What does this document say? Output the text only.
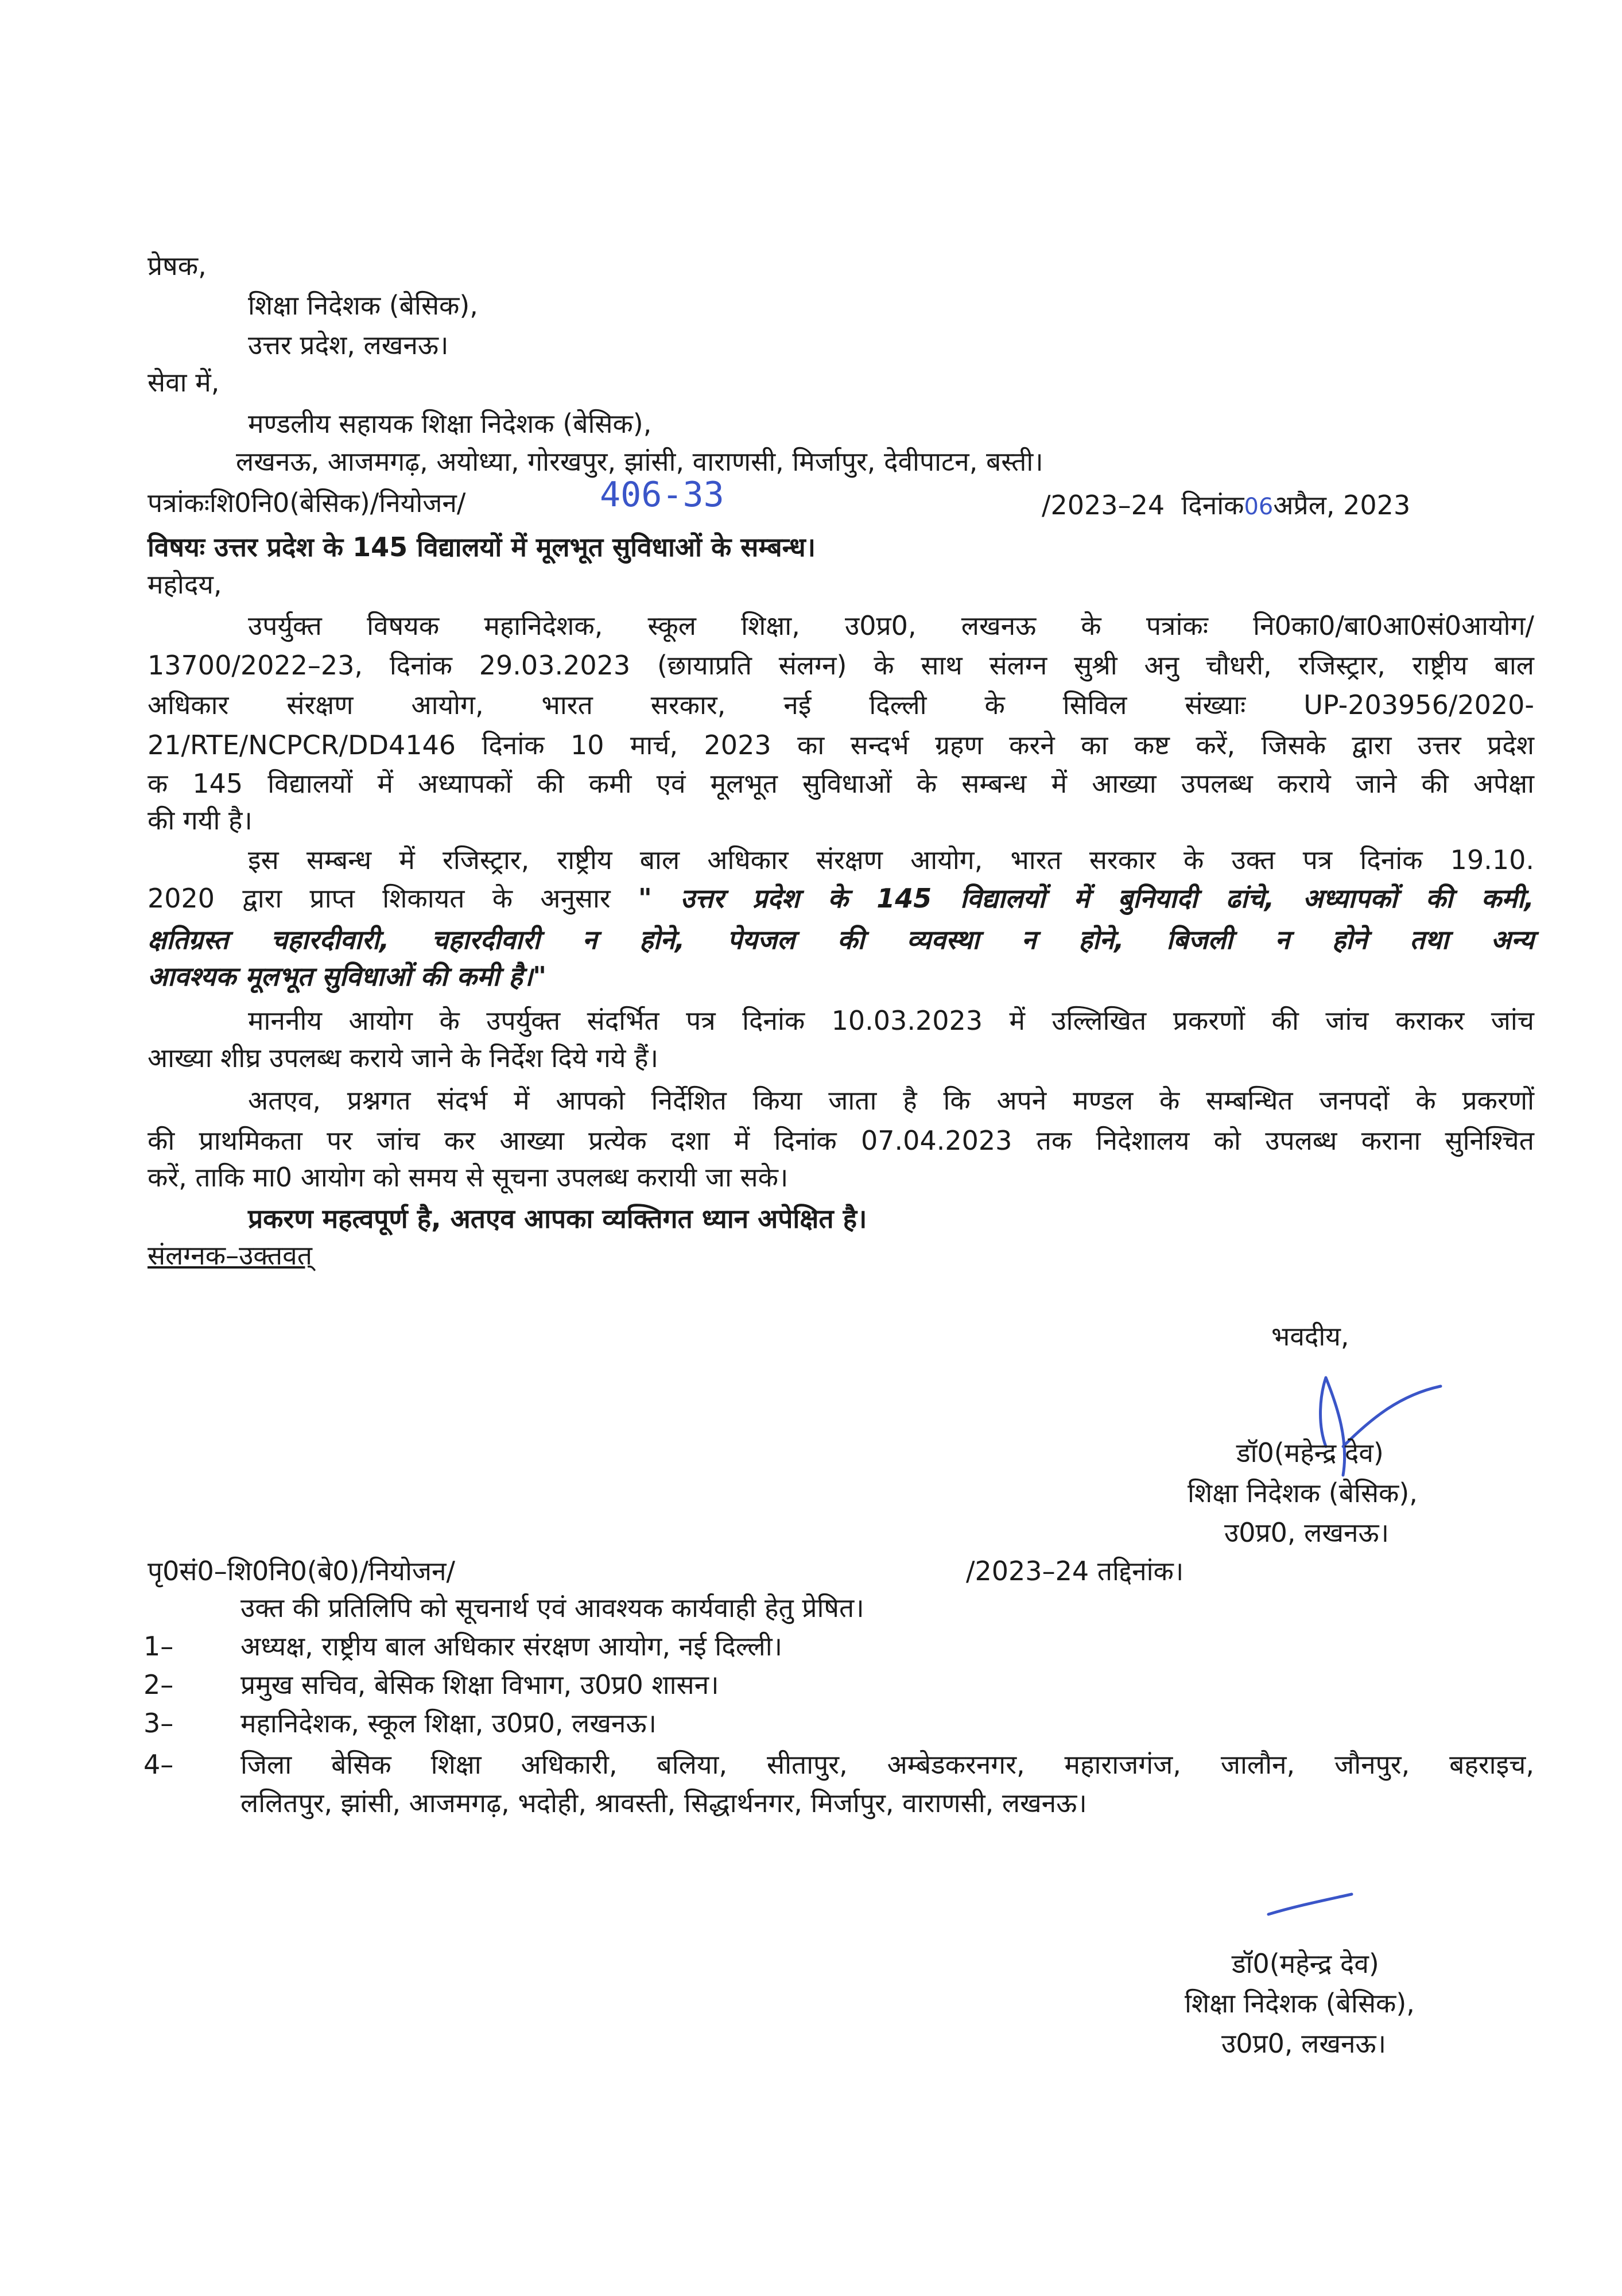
प्रेषक,
शिक्षा निदेशक (बेसिक),
उत्तर प्रदेश, लखनऊ।
सेवा में,
मण्डलीय सहायक शिक्षा निदेशक (बेसिक),
लखनऊ, आजमगढ़, अयोध्या, गोरखपुर, झांसी, वाराणसी, मिर्जापुर, देवीपाटन, बस्ती।
पत्रांकःशि0नि0(बेसिक)/नियोजन/	406-33	/2023–24 दिनांक06अप्रैल, 2023
विषयः उत्तर प्रदेश के 145 विद्यालयों में मूलभूत सुविधाओं के सम्बन्ध।
महोदय,
उपर्युक्त विषयक महानिदेशक, स्कूल शिक्षा, उ0प्र0, लखनऊ के पत्रांकः नि0का0/बा0आ0सं0आयोग/
13700/2022–23, दिनांक 29.03.2023 (छायाप्रति संलग्न) के साथ संलग्न सुश्री अनु चौधरी, रजिस्ट्रार, राष्ट्रीय बाल
अधिकार संरक्षण आयोग, भारत सरकार, नई दिल्ली के सिविल संख्याः UP-203956/2020-
21/RTE/NCPCR/DD4146 दिनांक 10 मार्च, 2023 का सन्दर्भ ग्रहण करने का कष्ट करें, जिसके द्वारा उत्तर प्रदेश
क 145 विद्यालयों में अध्यापकों की कमी एवं मूलभूत सुविधाओं के सम्बन्ध में आख्या उपलब्ध कराये जाने की अपेक्षा
की गयी है।
इस सम्बन्ध में रजिस्ट्रार, राष्ट्रीय बाल अधिकार संरक्षण आयोग, भारत सरकार के उक्त पत्र दिनांक 19.10.
2020 द्वारा प्राप्त शिकायत के अनुसार " उत्तर प्रदेश के 145 विद्यालयों में बुनियादी ढांचे, अध्यापकों की कमी,
क्षतिग्रस्त चहारदीवारी, चहारदीवारी न होने, पेयजल की व्यवस्था न होने, बिजली न होने तथा अन्य
आवश्यक मूलभूत सुविधाओं की कमी है।"
माननीय आयोग के उपर्युक्त संदर्भित पत्र दिनांक 10.03.2023 में उल्लिखित प्रकरणों की जांच कराकर जांच
आख्या शीघ्र उपलब्ध कराये जाने के निर्देश दिये गये हैं।
अतएव, प्रश्नगत संदर्भ में आपको निर्देशित किया जाता है कि अपने मण्डल के सम्बन्धित जनपदों के प्रकरणों
की प्राथमिकता पर जांच कर आख्या प्रत्येक दशा में दिनांक 07.04.2023 तक निदेशालय को उपलब्ध कराना सुनिश्चित
करें, ताकि मा0 आयोग को समय से सूचना उपलब्ध करायी जा सके।
प्रकरण महत्वपूर्ण है, अतएव आपका व्यक्तिगत ध्यान अपेक्षित है।
संलग्नक–उक्तवत्
भवदीय,
डॉ0(महेन्द्र देव)
शिक्षा निदेशक (बेसिक),
उ0प्र0, लखनऊ।
पृ0सं0–शि0नि0(बे0)/नियोजन/	/2023–24 तद्दिनांक।
उक्त की प्रतिलिपि को सूचनार्थ एवं आवश्यक कार्यवाही हेतु प्रेषित।
1–	अध्यक्ष, राष्ट्रीय बाल अधिकार संरक्षण आयोग, नई दिल्ली।
2–	प्रमुख सचिव, बेसिक शिक्षा विभाग, उ0प्र0 शासन।
3–	महानिदेशक, स्कूल शिक्षा, उ0प्र0, लखनऊ।
4–	जिला बेसिक शिक्षा अधिकारी, बलिया, सीतापुर, अम्बेडकरनगर, महाराजगंज, जालौन, जौनपुर, बहराइच,
ललितपुर, झांसी, आजमगढ़, भदोही, श्रावस्ती, सिद्धार्थनगर, मिर्जापुर, वाराणसी, लखनऊ।
डॉ0(महेन्द्र देव)
शिक्षा निदेशक (बेसिक),
उ0प्र0, लखनऊ।
